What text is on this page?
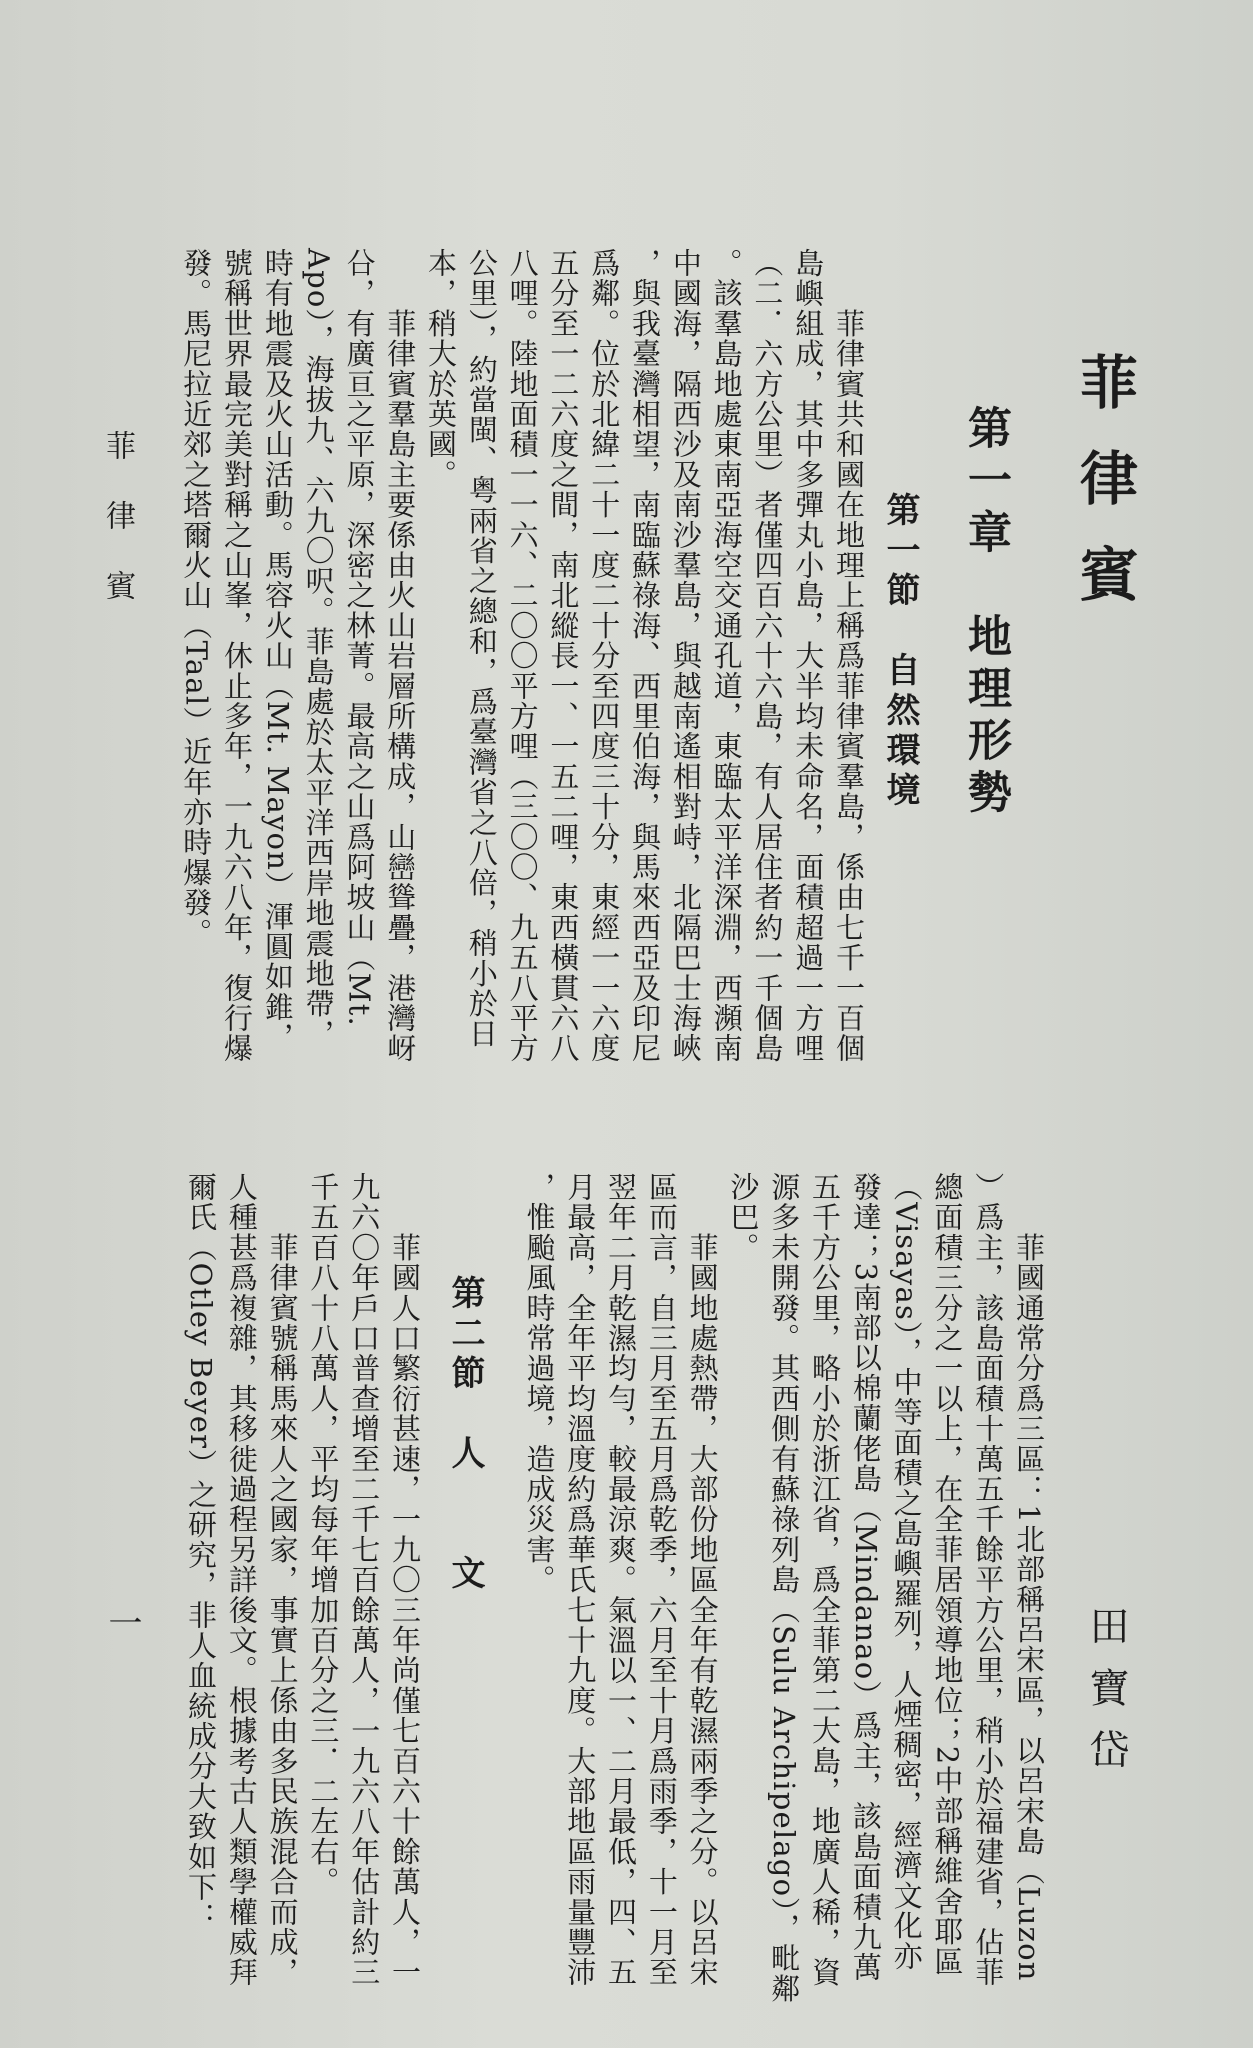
菲律賓
第一章　地理形勢
第一節　自然環境
　　菲律賓共和國在地理上稱爲菲律賓羣島，係由七千一百個
島嶼組成，其中多彈丸小島，大半均未命名，面積超過一方哩
（二．六方公里）者僅四百六十六島，有人居住者約一千個島
。該羣島地處東南亞海空交通孔道，東臨太平洋深淵，西瀕南
中國海，隔西沙及南沙羣島，與越南遙相對峙，北隔巴士海峽
，與我臺灣相望，南臨蘇祿海、西里伯海，與馬來西亞及印尼
爲鄰。位於北緯二十一度二十分至四度三十分，東經一一六度
五分至一二六度之間，南北縱長一、一五二哩，東西橫貫六八
八哩。陸地面積一一六、二〇〇平方哩（三〇〇、九五八平方
公里），約當閩、粤兩省之總和，爲臺灣省之八倍，稍小於日
本，稍大於英國。
　　菲律賓羣島主要係由火山岩層所構成，山巒聳疊，港灣岈
㕣，有廣亘之平原，深密之林菁。最高之山爲阿坡山（Mt.
Apo），海拔九、六九〇呎。菲島處於太平洋西岸地震地帶，
時有地震及火山活動。馬容火山（Mt. Mayon）渾圓如錐，
號稱世界最完美對稱之山峯，休止多年，一九六八年，復行爆
發。馬尼拉近郊之塔爾火山（Taal）近年亦時爆發。
田寶岱
　　菲國通常分爲三區：1北部稱呂宋區，以呂宋島（Luzon
）爲主，該島面積十萬五千餘平方公里，稍小於福建省，佔菲
總面積三分之一以上，在全菲居領導地位；2中部稱維舍耶區
（Visayas），中等面積之島嶼羅列，人煙稠密，經濟文化亦
發達；3南部以棉蘭佬島（Mindanao）爲主，該島面積九萬
五千方公里，略小於浙江省，爲全菲第二大島，地廣人稀，資
源多未開發。其西側有蘇祿列島（Sulu Archipelago），毗鄰
沙巴。
　　菲國地處熱帶，大部份地區全年有乾濕兩季之分。以呂宋
區而言，自三月至五月爲乾季，六月至十月爲雨季，十一月至
翌年二月乾濕均勻，較最涼爽。氣溫以一、二月最低，四、五
月最高，全年平均溫度約爲華氏七十九度。大部地區雨量豐沛
，惟颱風時常過境，造成災害。
第二節　人　　文
　　菲國人口繁衍甚速，一九〇三年尚僅七百六十餘萬人，一
九六〇年戶口普查增至二千七百餘萬人，一九六八年估計約三
千五百八十八萬人，平均每年增加百分之三．二左右。
　　菲律賓號稱馬來人之國家，事實上係由多民族混合而成，
人種甚爲複雜，其移徙過程另詳後文。根據考古人類學權威拜
爾氏（Otley Beyer）之研究，非人血統成分大致如下：
菲律賓
一
